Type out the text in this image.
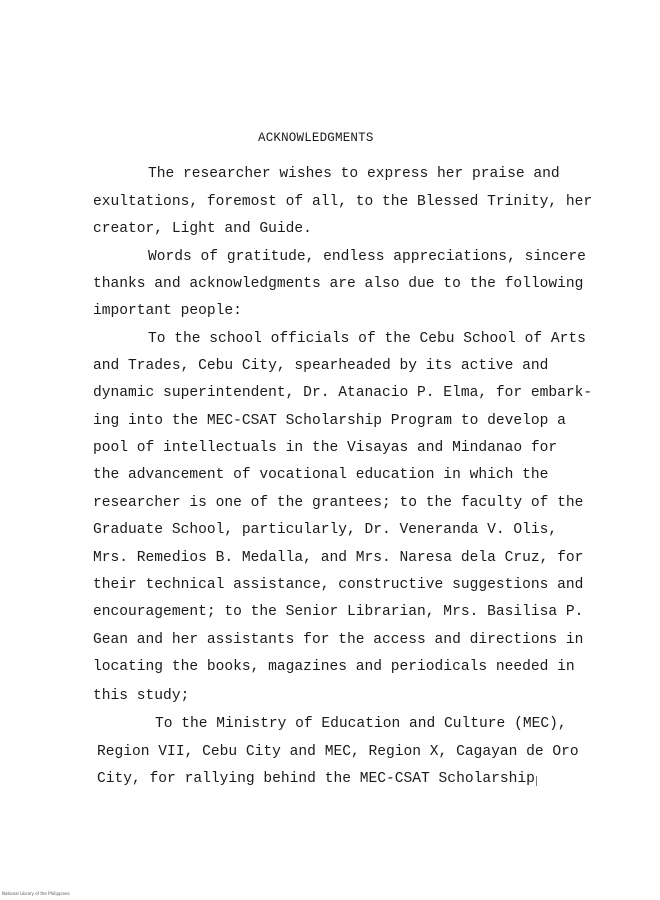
ACKNOWLEDGMENTS
The researcher wishes to express her praise and
exultations, foremost of all, to the Blessed Trinity, her
creator, Light and Guide.
Words of gratitude, endless appreciations, sincere
thanks and acknowledgments are also due to the following
important people:
To the school officials of the Cebu School of Arts
and Trades, Cebu City, spearheaded by its active and
dynamic superintendent, Dr. Atanacio P. Elma, for embark-
ing into the MEC-CSAT Scholarship Program to develop a
pool of intellectuals in the Visayas and Mindanao for
the advancement of vocational education in which the
researcher is one of the grantees; to the faculty of the
Graduate School, particularly, Dr. Veneranda V. Olis,
Mrs. Remedios B. Medalla, and Mrs. Naresa dela Cruz, for
their technical assistance, constructive suggestions and
encouragement; to the Senior Librarian, Mrs. Basilisa P.
Gean and her assistants for the access and directions in
locating the books, magazines and periodicals needed in
this study;
To the Ministry of Education and Culture (MEC),
Region VII, Cebu City and MEC, Region X, Cagayan de Oro
City, for rallying behind the MEC-CSAT Scholarship
National Library of the Philippines
